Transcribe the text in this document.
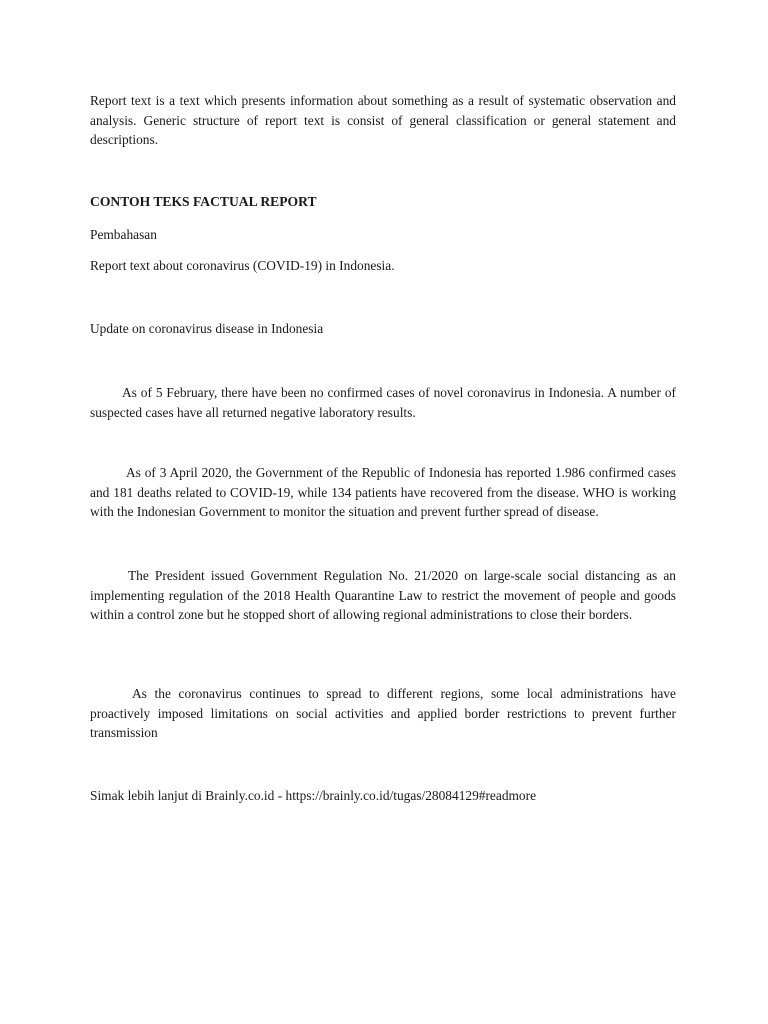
Report text is a text which presents information about something as a result of systematic observation and analysis. Generic structure of report text is consist of general classification or general statement and descriptions.

CONTOH TEKS FACTUAL REPORT

Pembahasan

Report text about coronavirus (COVID-19) in Indonesia.

Update on coronavirus disease in Indonesia

As of 5 February, there have been no confirmed cases of novel coronavirus in Indonesia. A number of suspected cases have all returned negative laboratory results.

As of 3 April 2020, the Government of the Republic of Indonesia has reported 1.986 confirmed cases and 181 deaths related to COVID-19, while 134 patients have recovered from the disease. WHO is working with the Indonesian Government to monitor the situation and prevent further spread of disease.

The President issued Government Regulation No. 21/2020 on large-scale social distancing as an implementing regulation of the 2018 Health Quarantine Law to restrict the movement of people and goods within a control zone but he stopped short of allowing regional administrations to close their borders.

As the coronavirus continues to spread to different regions, some local administrations have proactively imposed limitations on social activities and applied border restrictions to prevent further transmission

Simak lebih lanjut di Brainly.co.id - https://brainly.co.id/tugas/28084129#readmore
